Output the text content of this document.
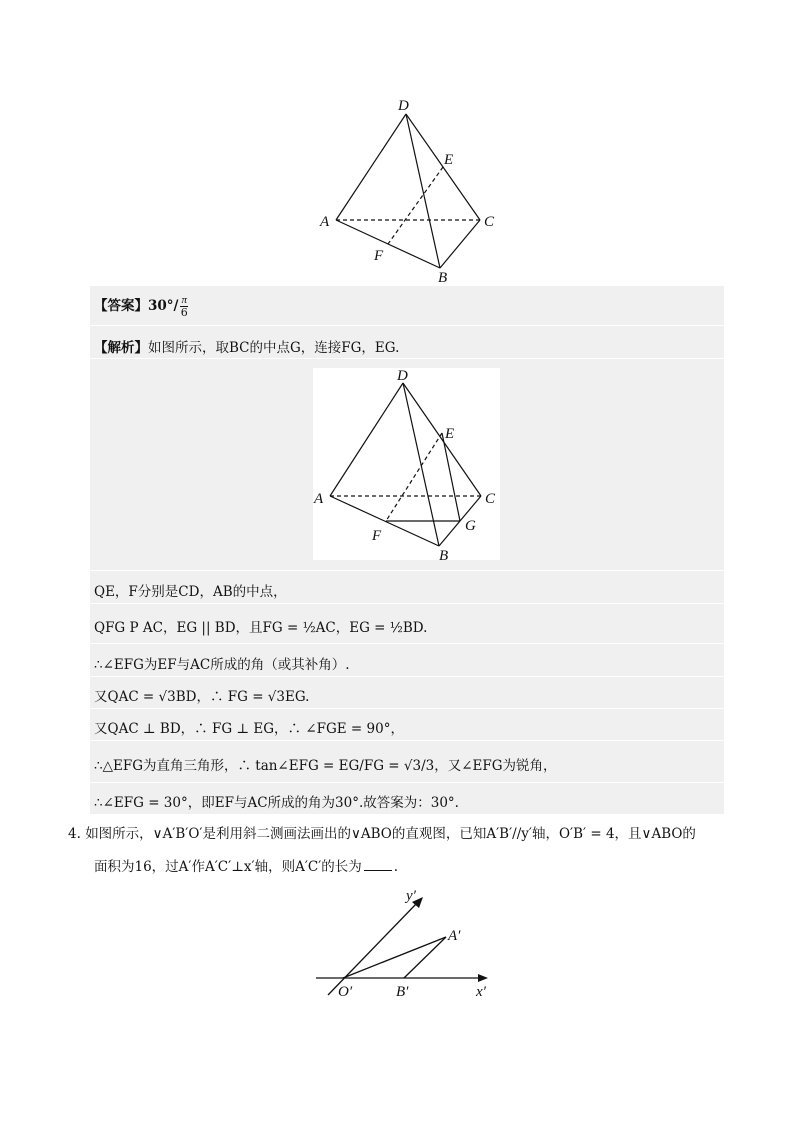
D
E
A	C
F
B
【答案】$30^\circ/ \frac{\pi}{6}$
【解析】如图所示，取BC的中点G，连接FG，EG.
D
E
A	C
F
B
G
QE，F分别是CD，AB的中点，
QFG P AC，EG || BD，且FG = ½AC，EG = ½BD.
∴∠EFG为EF与AC所成的角（或其补角）.
又QAC = √3BD，∴ FG = √3EG.
又QAC ⊥ BD，∴ FG ⊥ EG，∴ ∠FGE = 90°，
∴△EFG为直角三角形，∴ tan∠EFG = EG/FG = √3/3，又∠EFG为锐角，
∴∠EFG = 30°，即EF与AC所成的角为30°.故答案为：30°.
4. 如图所示，∨A′B′O′是利用斜二测画法画出的∨ABO的直观图，已知A′B′//y′轴，O′B′ = 4，且∨ABO的
面积为16，过A′作A′C′⊥x′轴，则A′C′的长为 .
y′
A′
O′	B′	x′
